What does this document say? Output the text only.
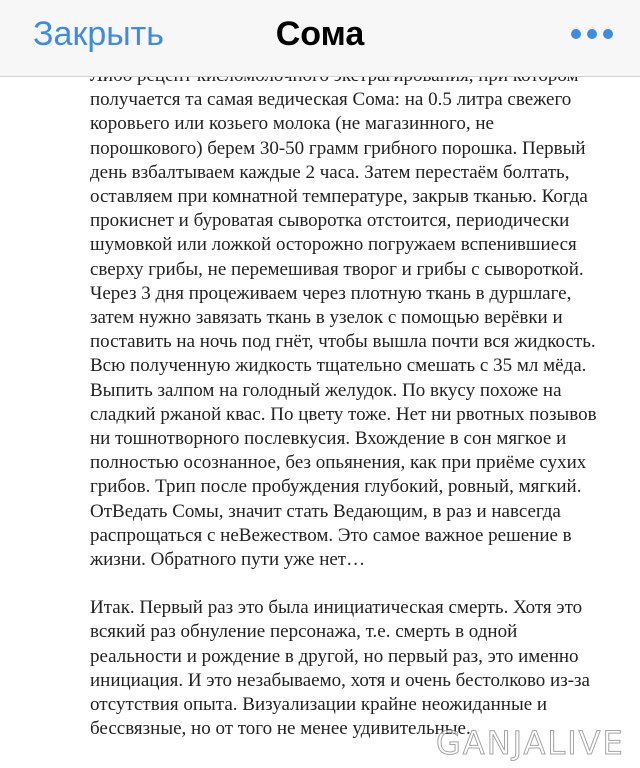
Закрыть	Сома

получается та самая ведическая Сома: на 0.5 литра свежего коровьего или козьего молока (не магазинного, не порошкового) берем 30-50 грамм грибного порошка. Первый день взбалтываем каждые 2 часа. Затем перестаём болтать, оставляем при комнатной температуре, закрыв тканью. Когда прокиснет и буроватая сыворотка отстоится, периодически шумовкой или ложкой осторожно погружаем вспенившиеся сверху грибы, не перемешивая творог и грибы с сывороткой. Через 3 дня процеживаем через плотную ткань в дуршлаге, затем нужно завязать ткань в узелок с помощью верёвки и поставить на ночь под гнёт, чтобы вышла почти вся жидкость. Всю полученную жидкость тщательно смешать с 35 мл мёда. Выпить залпом на голодный желудок. По вкусу похоже на сладкий ржаной квас. По цвету тоже. Нет ни рвотных позывов ни тошнотворного послевкусия. Вхождение в сон мягкое и полностью осознанное, без опьянения, как при приёме сухих грибов. Трип после пробуждения глубокий, ровный, мягкий.

ОтВедать Сомы, значит стать Ведающим, в раз и навсегда распрощаться с неВежеством. Это самое важное решение в жизни. Обратного пути уже нет…

Итак. Первый раз это была инициатическая смерть. Хотя это всякий раз обнуление персонажа, т.е. смерть в одной реальности и рождение в другой, но первый раз, это именно инициация. И это незабываемо, хотя и очень бестолково из-за отсутствия опыта. Визуализации крайне неожиданные и бессвязные, но от того не менее удивительные.

GANJALIVE
